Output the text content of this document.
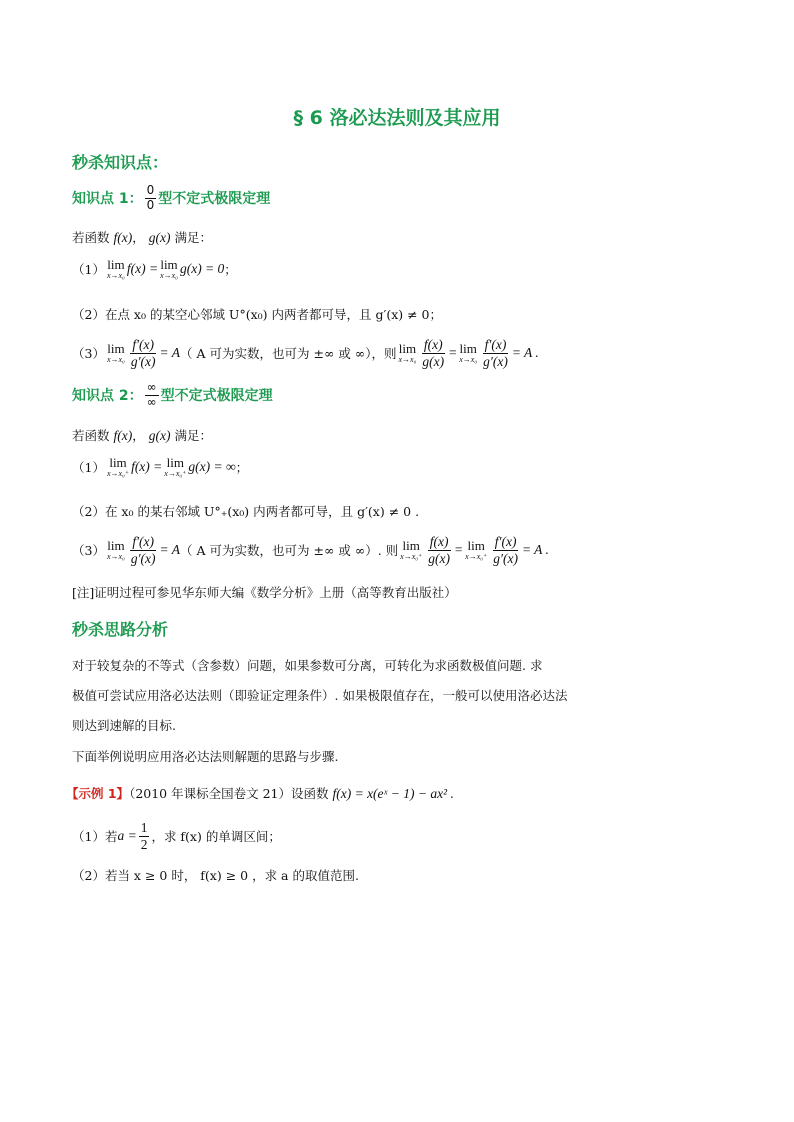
§ 6 洛必达法则及其应用
秒杀知识点：
知识点 1： $\frac{0}{0}$ 型不定式极限定理
若函数 f(x)， g(x) 满足：
（1） lim
x→x₀ f(x) = lim
x→x₀ g(x) = 0 ；
（2）在点 x₀ 的某空心邻域 U°(x₀) 内两者都可导，且 g′(x) ≠ 0；
（3） lim
$x\to x_0 \frac{f'(x)}{g'(x)} = A$ （ A 可为实数，也可为 ±∞ 或 ∞），则 lim
$x\to x_0 \frac{f(x)}{g(x)} = \lim$
$x\to x_0 \frac{f'(x)}{g'(x)} = A$ .
知识点 2： $\frac{\infty}{\infty}$ 型不定式极限定理
若函数 f(x)， g(x) 满足：
（1） lim
x→x₀⁺ f(x) = lim
x→x₀⁺ g(x) = ∞ ；
（2）在 x₀ 的某右邻域 U°₊(x₀) 内两者都可导，且 g′(x) ≠ 0 .
（3） lim
$x\to x_0 \frac{f'(x)}{g'(x)} = A$ （ A 可为实数，也可为 ±∞ 或 ∞）. 则 lim
$x\to x_0^+ \frac{f(x)}{g(x)} = \lim$
$x\to x_0^+ \frac{f'(x)}{g'(x)} = A$ .
[注]证明过程可参见华东师大编《数学分析》上册（高等教育出版社）
秒杀思路分析
对于较复杂的不等式（含参数）问题，如果参数可分离，可转化为求函数极值问题. 求
极值可尝试应用洛必达法则（即验证定理条件）. 如果极限值存在，一般可以使用洛必达法
则达到速解的目标.
下面举例说明应用洛必达法则解题的思路与步骤.
【示例 1】（2010 年课标全国卷文 21）设函数 f(x) = x(eˣ − 1) − ax² .
（1）若 $a = \frac{1}{2}$ ，求 f(x) 的单调区间；
（2）若当 x ≥ 0 时， f(x) ≥ 0 ，求 a 的取值范围.
